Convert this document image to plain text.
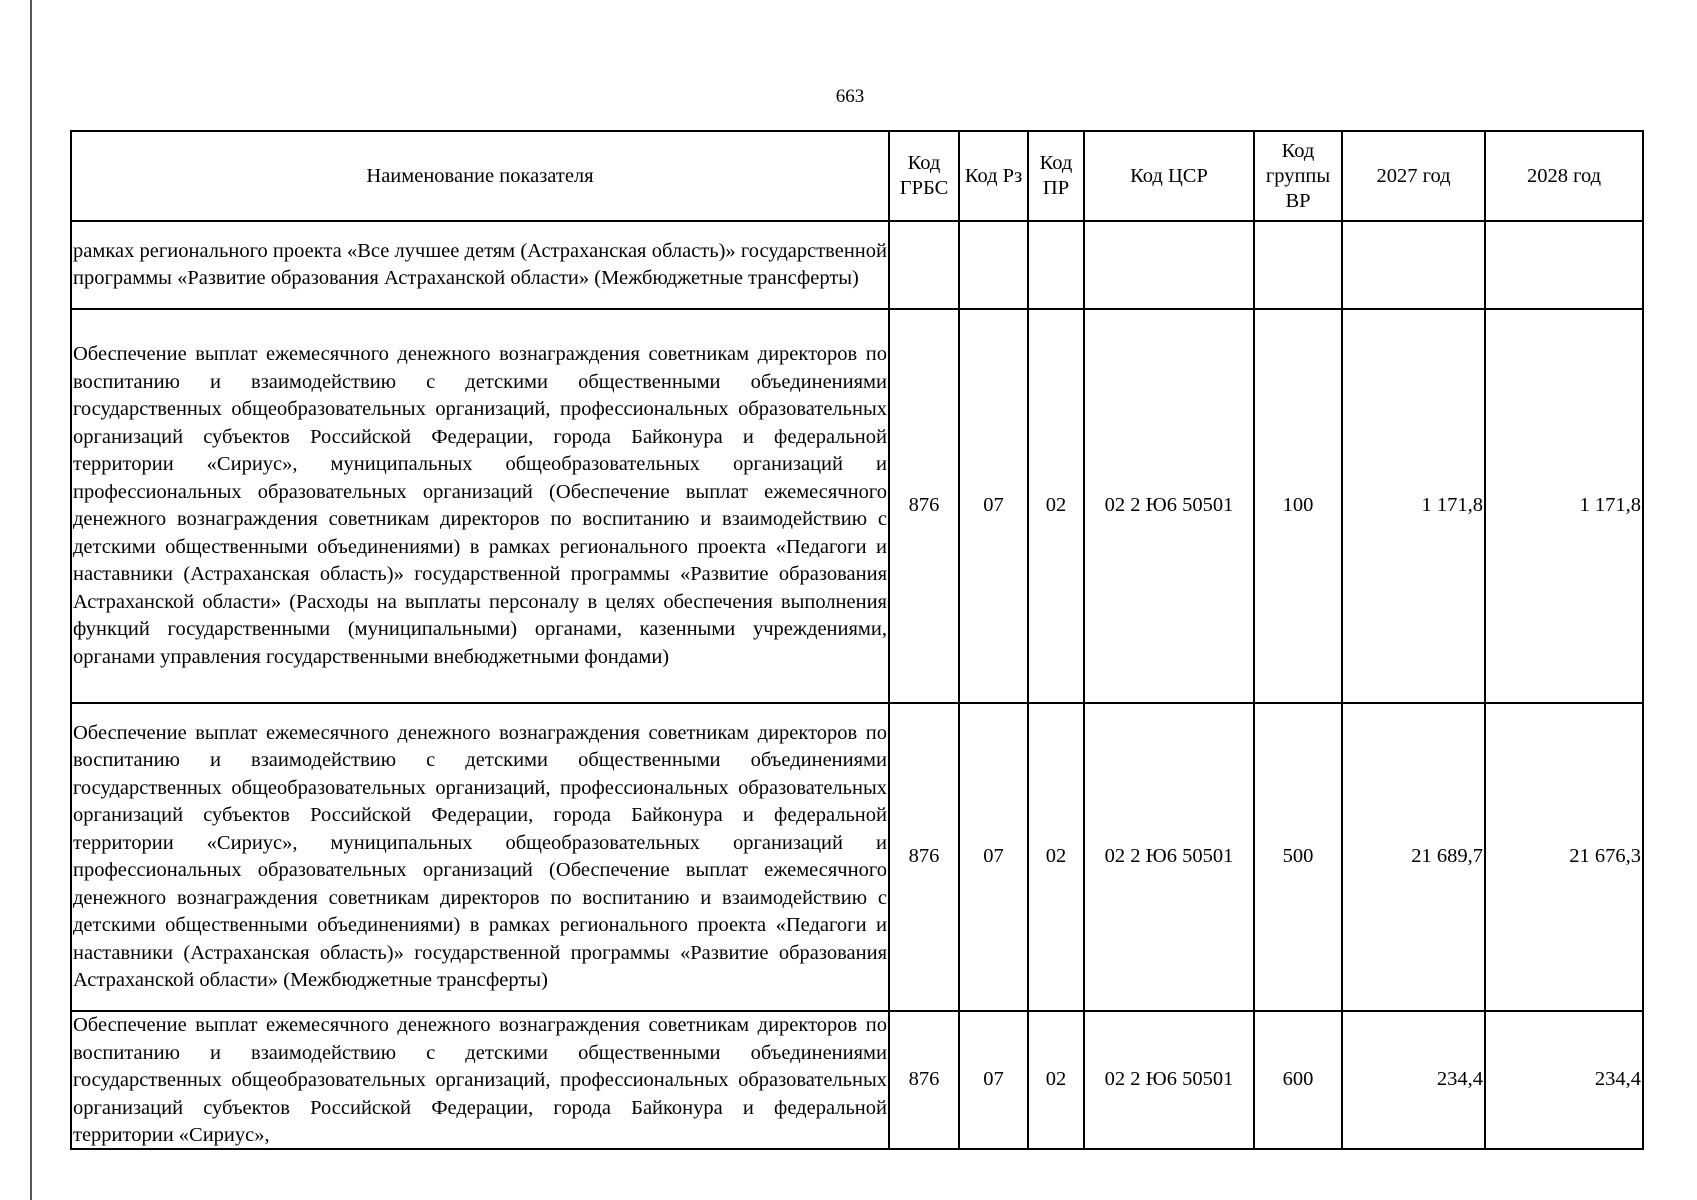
663
Наименование показателя	Код ГРБС	Код Рз	Код ПР	Код ЦСР	Код группы ВР	2027 год	2028 год
рамках регионального проекта «Все лучшее детям (Астраханская область)» государственной программы «Развитие образования Астраханской области» (Межбюджетные трансферты)							
Обеспечение выплат ежемесячного денежного вознаграждения советникам директоров по воспитанию и взаимодействию с детскими общественными объединениями государственных общеобразовательных организаций, профессиональных образовательных организаций субъектов Российской Федерации, города Байконура и федеральной территории «Сириус», муниципальных общеобразовательных организаций и профессиональных образовательных организаций (Обеспечение выплат ежемесячного денежного вознаграждения советникам директоров по воспитанию и взаимодействию с детскими общественными объединениями) в рамках регионального проекта «Педагоги и наставники (Астраханская область)» государственной программы «Развитие образования Астраханской области» (Расходы на выплаты персоналу в целях обеспечения выполнения функций государственными (муниципальными) органами, казенными учреждениями, органами управления государственными внебюджетными фондами)	876	07	02	02 2 Ю6 50501	100	1 171,8	1 171,8
Обеспечение выплат ежемесячного денежного вознаграждения советникам директоров по воспитанию и взаимодействию с детскими общественными объединениями государственных общеобразовательных организаций, профессиональных образовательных организаций субъектов Российской Федерации, города Байконура и федеральной территории «Сириус», муниципальных общеобразовательных организаций и профессиональных образовательных организаций (Обеспечение выплат ежемесячного денежного вознаграждения советникам директоров по воспитанию и взаимодействию с детскими общественными объединениями) в рамках регионального проекта «Педагоги и наставники (Астраханская область)» государственной программы «Развитие образования Астраханской области» (Межбюджетные трансферты)	876	07	02	02 2 Ю6 50501	500	21 689,7	21 676,3

Обеспечение выплат ежемесячного денежного вознаграждения советникам директоров по воспитанию и взаимодействию с детскими общественными объединениями государственных общеобразовательных организаций, профессиональных образовательных организаций субъектов Российской Федерации, города Байконура и федеральной территории «Сириус»,	876	07	02	02 2 Ю6 50501	600	234,4	234,4
